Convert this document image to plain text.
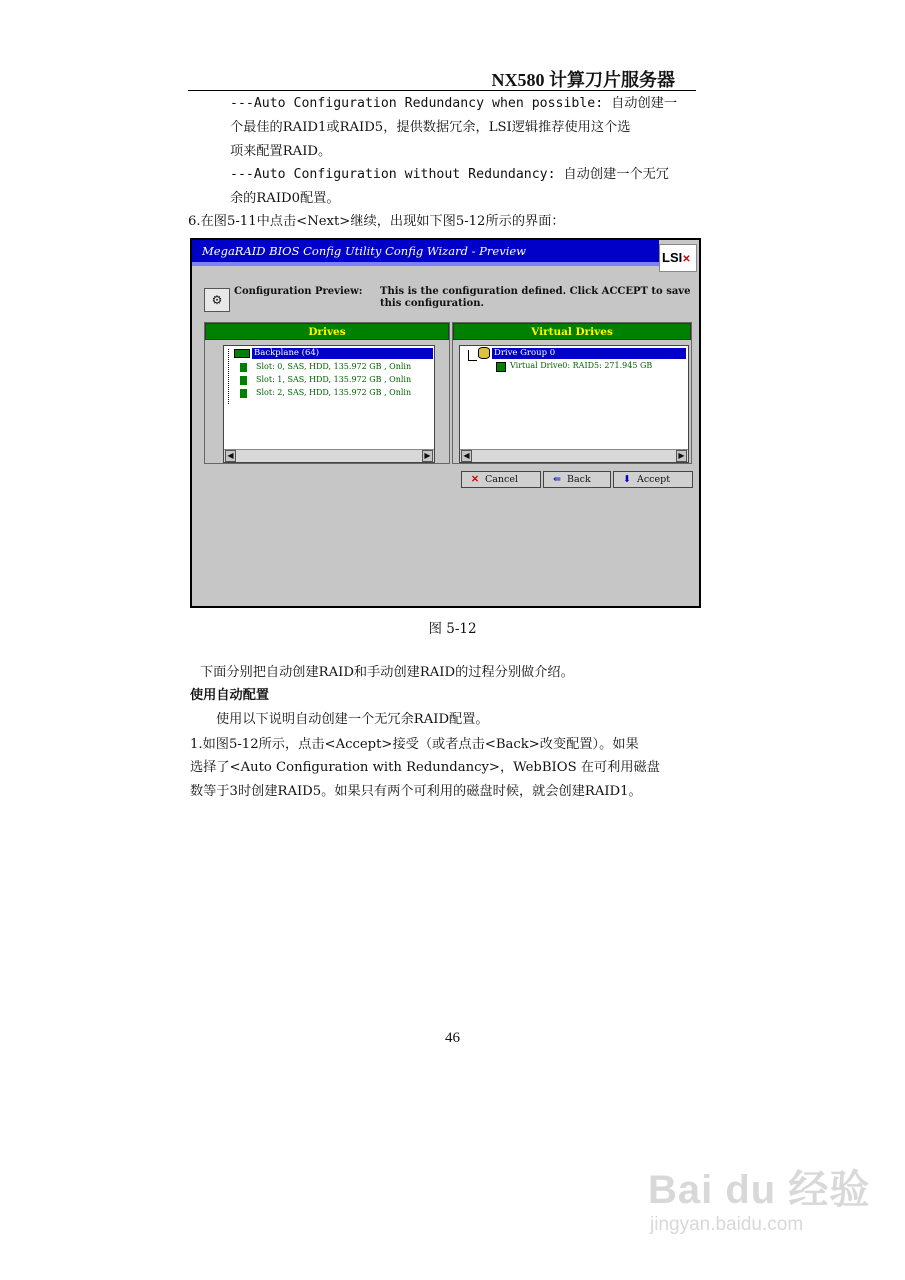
NX580 计算刀片服务器
---Auto Configuration Redundancy when possible: 自动创建一
个最佳的RAID1或RAID5，提供数据冗余，LSI逻辑推荐使用这个选
项来配置RAID。
---Auto Configuration without Redundancy: 自动创建一个无冗
余的RAID0配置。
6.在图5-11中点击<Next>继续，出现如下图5-12所示的界面：
MegaRAID BIOS Config Utility Config Wizard - Preview	LSI✕
⚙
Configuration Preview: This is the configuration defined. Click ACCEPT to save
this configuration.
Drives
Backplane (64)
Slot: 0, SAS, HDD, 135.972 GB , Onlin
Slot: 1, SAS, HDD, 135.972 GB , Onlin
Slot: 2, SAS, HDD, 135.972 GB , Onlin
◀	▶
Virtual Drives
Drive Group 0
Virtual Drive0: RAID5: 271.945 GB
◀	▶
✕ Cancel	⇐ Back	⬇ Accept
图 5-12
下面分别把自动创建RAID和手动创建RAID的过程分别做介绍。
使用自动配置
使用以下说明自动创建一个无冗余RAID配置。
1.如图5-12所示，点击<Accept>接受（或者点击<Back>改变配置）。如果
选择了<Auto Configuration with Redundancy>，WebBIOS 在可利用磁盘
数等于3时创建RAID5。如果只有两个可利用的磁盘时候，就会创建RAID1。
46
Bai du 经验
jingyan.baidu.com
